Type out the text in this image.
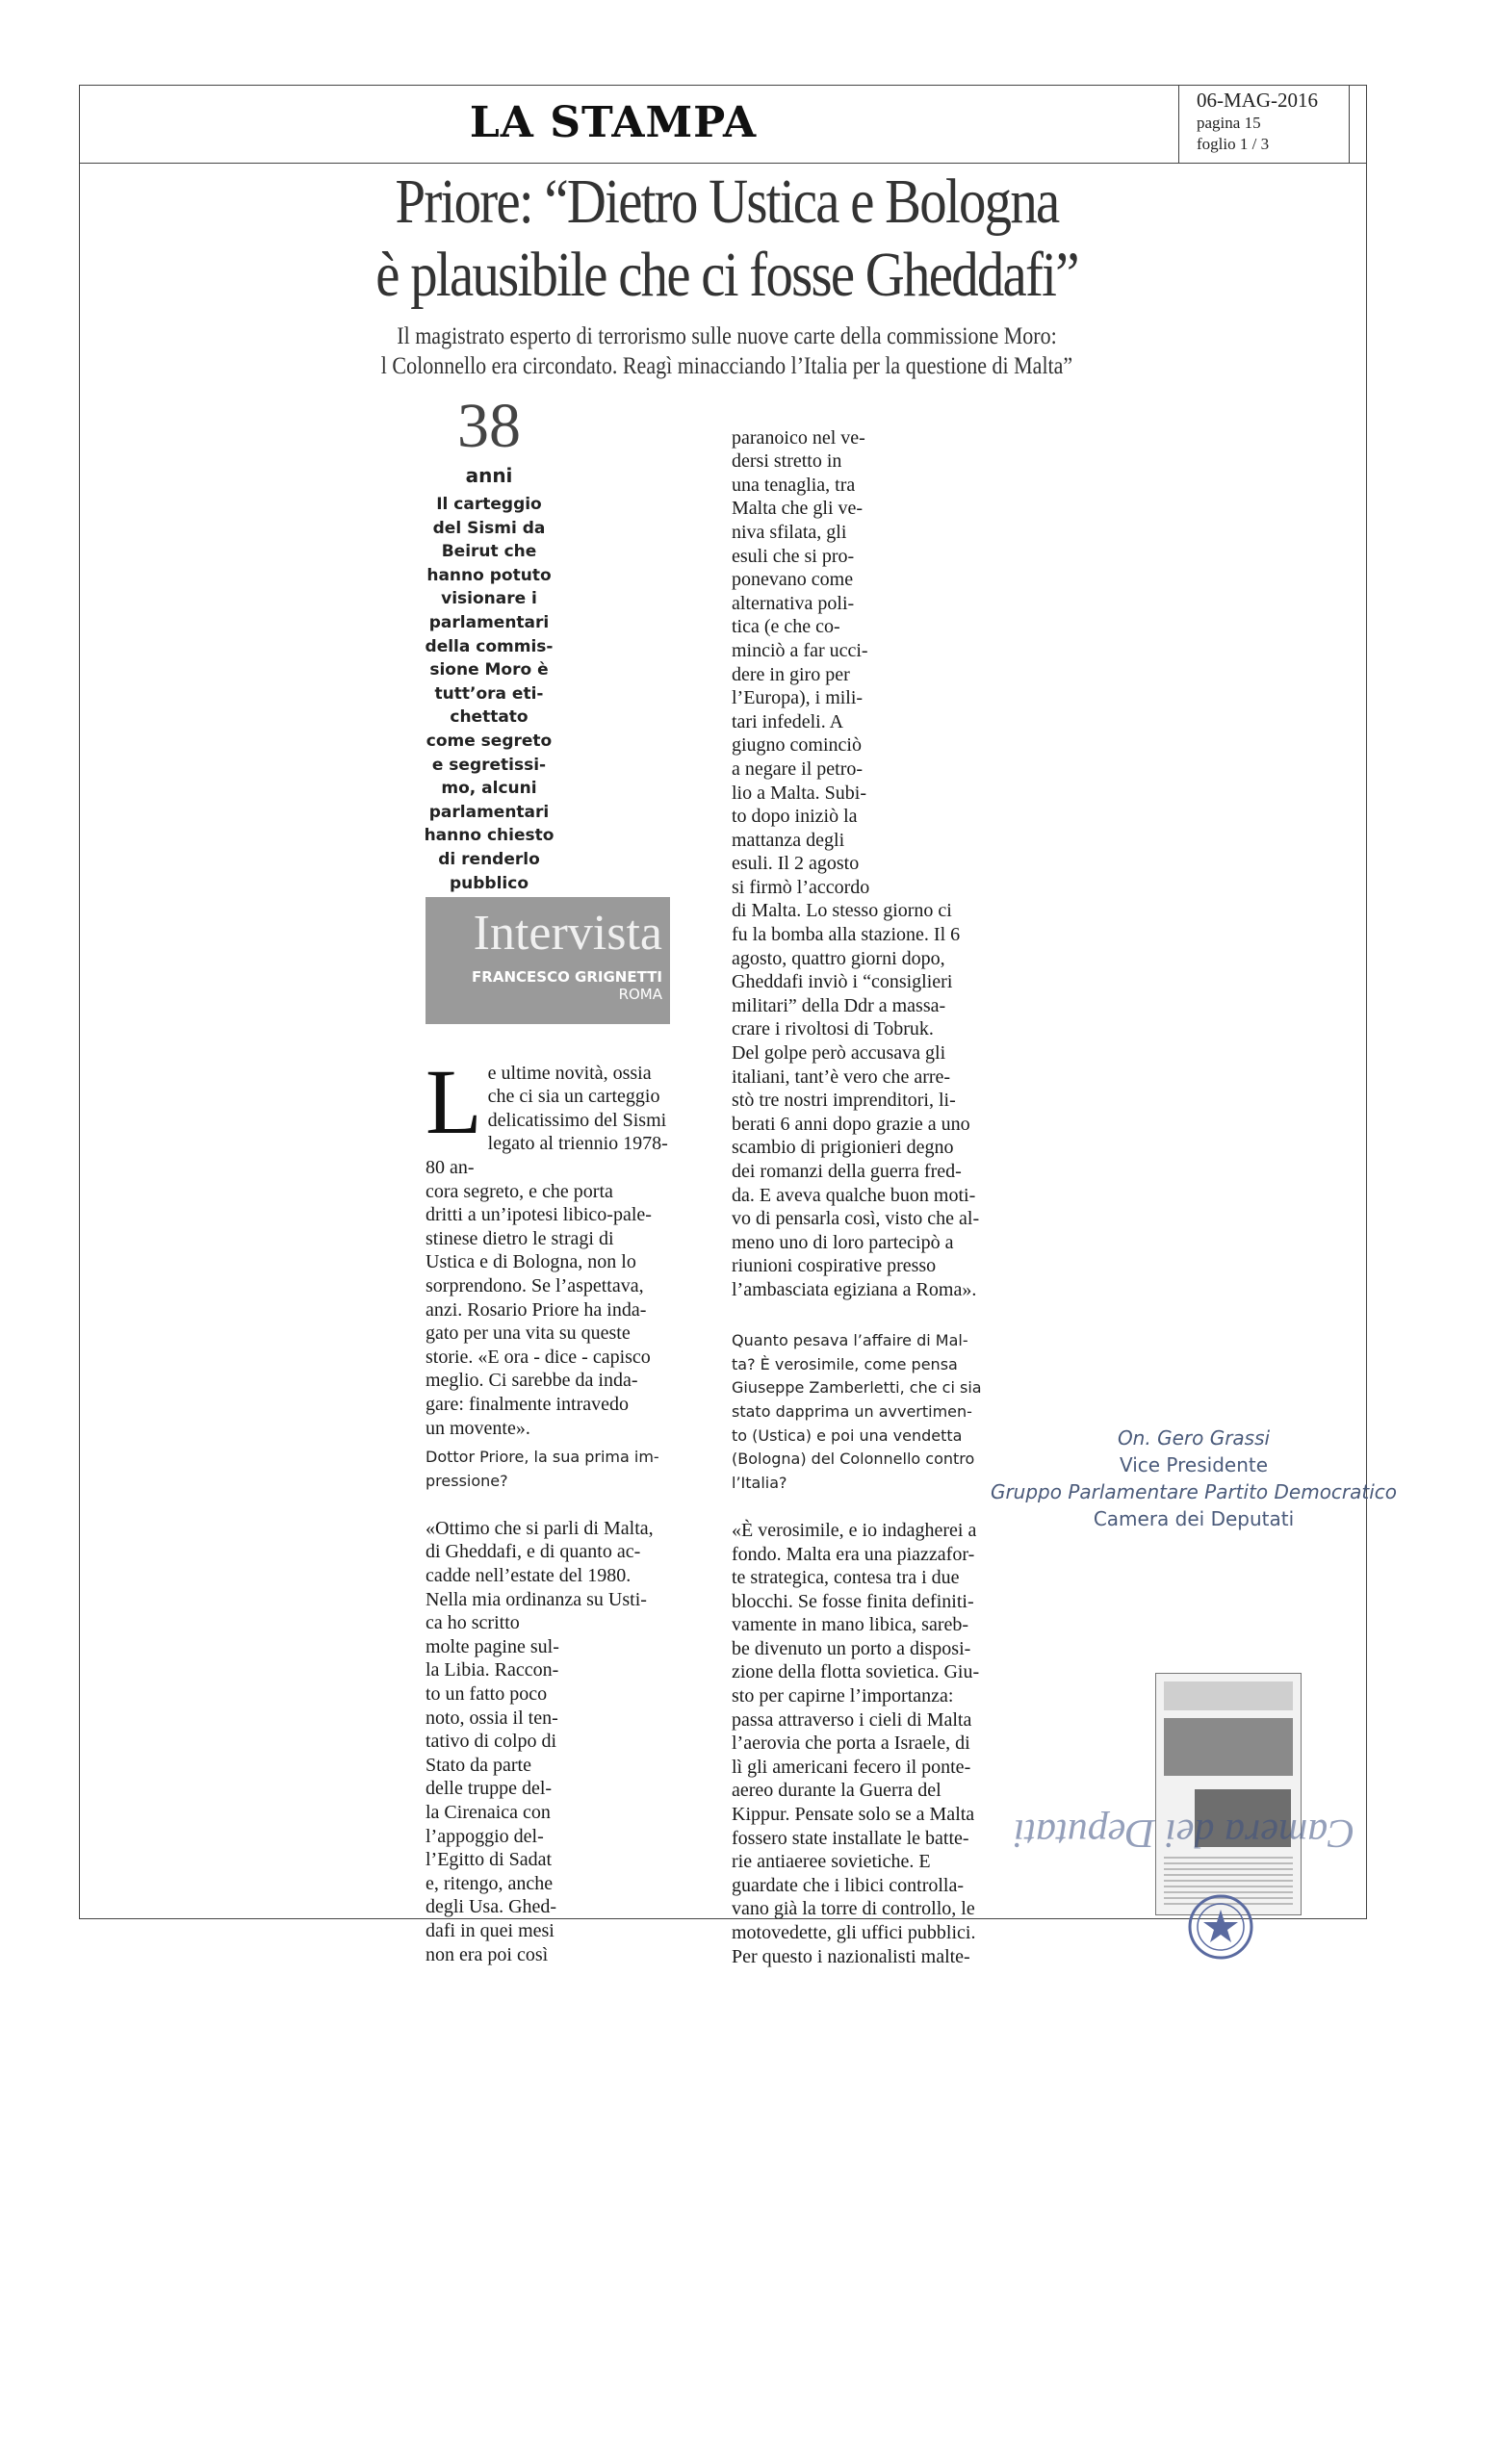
LA STAMPA	06-MAG-2016
pagina 15
foglio 1 / 3
Priore: “Dietro Ustica e Bologna
è plausibile che ci fosse Gheddafi”
Il magistrato esperto di terrorismo sulle nuove carte della commissione Moro:
l Colonnello era circondato. Reagì minacciando l’Italia per la questione di Malta”
38
anni
Il carteggio
del Sismi da
Beirut che
hanno potuto
visionare i
parlamentari
della commis-
sione Moro è
tutt’ora eti-
chettato
come segreto
e segretissi-
mo, alcuni
parlamentari
hanno chiesto
di renderlo
pubblico
Intervista
FRANCESCO GRIGNETTI
ROMA

Le ultime novità, ossia
che ci sia un carteggio
delicatissimo del Sismi
legato al triennio 1978-80 an-
cora segreto, e che porta
dritti a un’ipotesi libico-pale-
stinese dietro le stragi di
Ustica e di Bologna, non lo
sorprendono. Se l’aspettava,
anzi. Rosario Priore ha inda-
gato per una vita su queste
storie. «E ora - dice - capisco
meglio. Ci sarebbe da inda-
gare: finalmente intravedo
un movente».

Dottor Priore, la sua prima im-
pressione?

«Ottimo che si parli di Malta,
di Gheddafi, e di quanto ac-
cadde nell’estate del 1980.
Nella mia ordinanza su Usti-
ca ho scritto
molte pagine sul-
la Libia. Raccon-
to un fatto poco
noto, ossia il ten-
tativo di colpo di
Stato da parte
delle truppe del-
la Cirenaica con
l’appoggio del-
l’Egitto di Sadat
e, ritengo, anche
degli Usa. Ghed-
dafi in quei mesi
non era poi così

paranoico nel ve-
dersi stretto in
una tenaglia, tra
Malta che gli ve-
niva sfilata, gli
esuli che si pro-
ponevano come
alternativa poli-
tica (e che co-
minciò a far ucci-
dere in giro per
l’Europa), i mili-
tari infedeli. A
giugno cominciò
a negare il petro-
lio a Malta. Subi-
to dopo iniziò la
mattanza degli
esuli. Il 2 agosto
si firmò l’accordo
di Malta. Lo stesso giorno ci
fu la bomba alla stazione. Il 6
agosto, quattro giorni dopo,
Gheddafi inviò i “consiglieri
militari” della Ddr a massa-
crare i rivoltosi di Tobruk.
Del golpe però accusava gli
italiani, tant’è vero che arre-
stò tre nostri imprenditori, li-
berati 6 anni dopo grazie a uno
scambio di prigionieri degno
dei romanzi della guerra fred-
da. E aveva qualche buon moti-
vo di pensarla così, visto che al-
meno uno di loro partecipò a
riunioni cospirative presso
l’ambasciata egiziana a Roma».

Quanto pesava l’affaire di Mal-
ta? È verosimile, come pensa
Giuseppe Zamberletti, che ci sia
stato dapprima un avvertimen-
to (Ustica) e poi una vendetta
(Bologna) del Colonnello contro
l’Italia?

«È verosimile, e io indagherei a
fondo. Malta era una piazzafor-
te strategica, contesa tra i due
blocchi. Se fosse finita definiti-
vamente in mano libica, sareb-
be divenuto un porto a disposi-
zione della flotta sovietica. Giu-
sto per capirne l’importanza:
passa attraverso i cieli di Malta
l’aerovia che porta a Israele, di
lì gli americani fecero il ponte-
aereo durante la Guerra del
Kippur. Pensate solo se a Malta
fossero state installate le batte-
rie antiaeree sovietiche. E
guardate che i libici controlla-
vano già la torre di controllo, le
motovedette, gli uffici pubblici.
Per questo i nazionalisti malte-

On. Gero Grassi
Vice Presidente
Gruppo Parlamentare Partito Democratico
Camera dei Deputati
Camera dei Deputati
